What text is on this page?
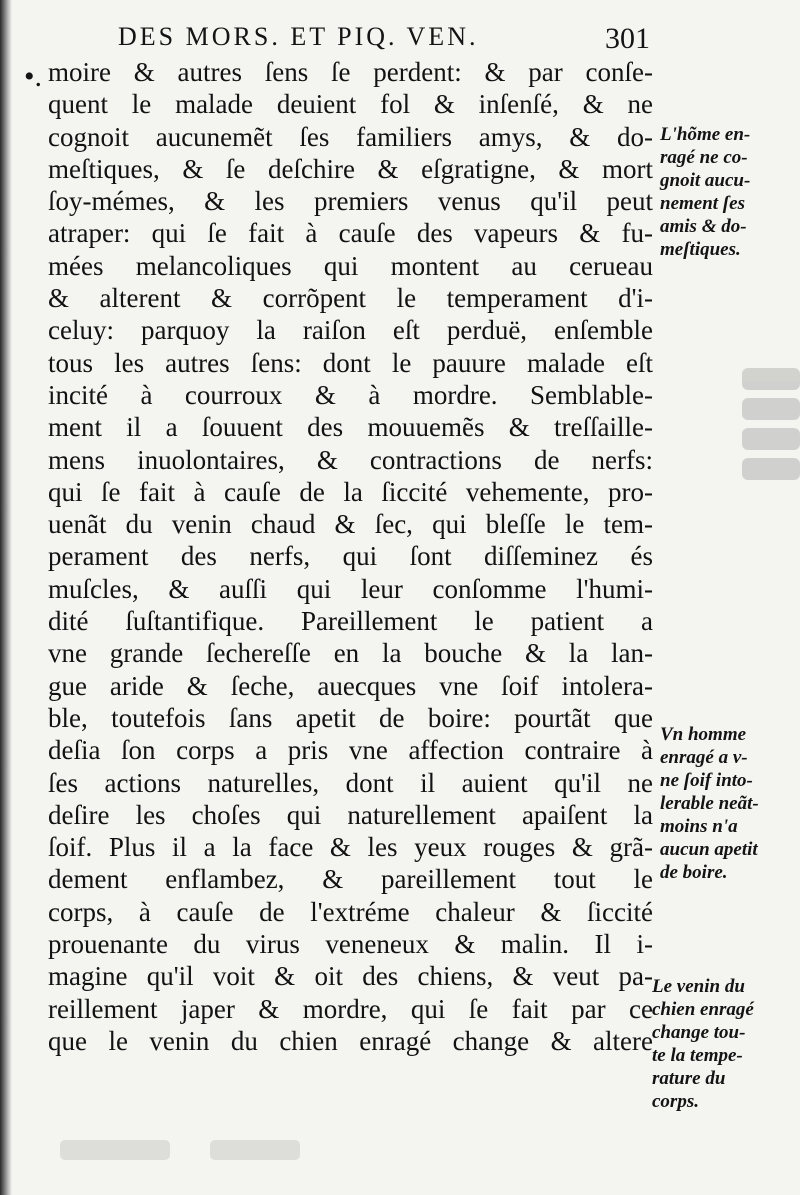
DES MORS. ET PIQ. VEN.	301
•. moire & autres ſens ſe perdent: & par conſe-
quent le malade deuient fol & inſenſé, & ne
cognoit aucunemẽt ſes familiers amys, & do-
meſtiques, & ſe deſchire & eſgratigne, & mort
ſoy-mémes, & les premiers venus qu'il peut
atraper: qui ſe fait à cauſe des vapeurs & fu-
mées melancoliques qui montent au cerueau
& alterent & corrõpent le temperament d'i-
celuy: parquoy la raiſon eſt perduë, enſemble
tous les autres ſens: dont le pauure malade eſt
incité à courroux & à mordre. Semblable-
ment il a ſouuent des mouuemẽs & treſſaille-
mens inuolontaires, & contractions de nerfs:
qui ſe fait à cauſe de la ſiccité vehemente, pro-
uenãt du venin chaud & ſec, qui bleſſe le tem-
perament des nerfs, qui ſont diſſeminez és
muſcles, & auſſi qui leur conſomme l'humi-
dité ſuſtantifique. Pareillement le patient a
vne grande ſechereſſe en la bouche & la lan-
gue aride & ſeche, auecques vne ſoif intolera-
ble, toutefois ſans apetit de boire: pourtãt que
deſia ſon corps a pris vne affection contraire à
ſes actions naturelles, dont il auient qu'il ne
deſire les choſes qui naturellement apaiſent la
ſoif. Plus il a la face & les yeux rouges & grã-
dement enflambez, & pareillement tout le
corps, à cauſe de l'extréme chaleur & ſiccité
prouenante du virus veneneux & malin. Il i-
magine qu'il voit & oit des chiens, & veut pa-
reillement japer & mordre, qui ſe fait par ce
que le venin du chien enragé change & altere
L'hõme en-
ragé ne co-
gnoit aucu-
nement ſes
amis & do-
meſtiques.
Vn homme
enragé a v-
ne ſoif into-
lerable neãt-
moins n'a
aucun apetit
de boire.
Le venin du
chien enragé
change tou-
te la tempe-
rature du
corps.
